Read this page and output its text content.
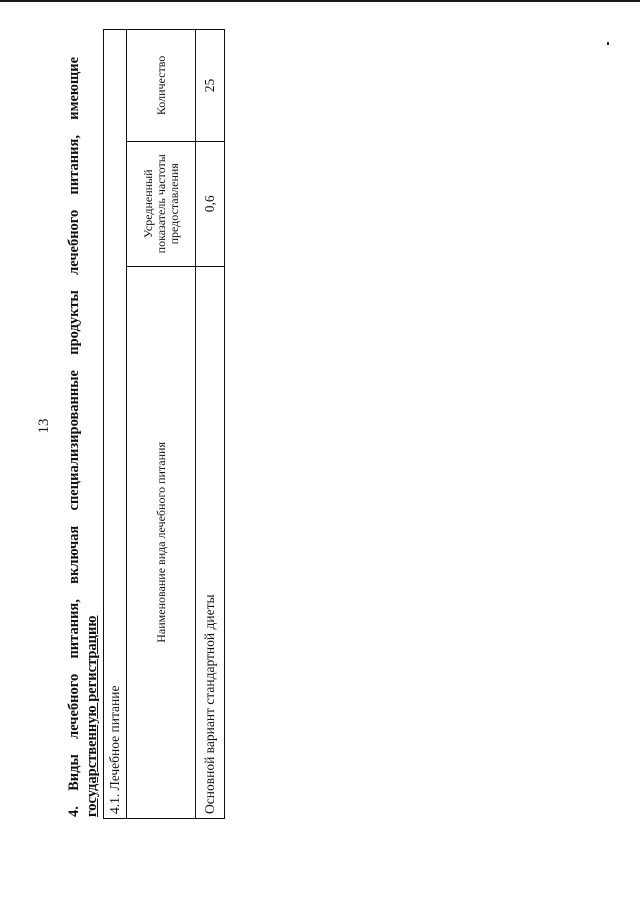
13 4. Виды лечебного питания, включая специализированные продукты лечебного питания, имеющие государственную регистрацию 4.1. Лечебное питание		
Наименование вида лечебного питания	Усредненный показатель частоты предоставления	Количество
Основной вариант стандартной диеты	0,6	25
